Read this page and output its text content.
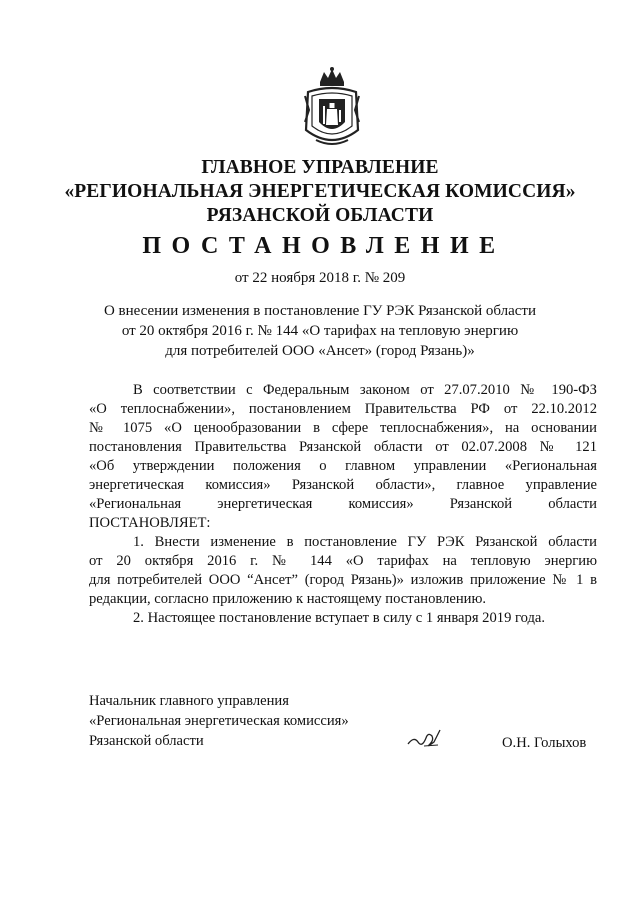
ГЛАВНОЕ УПРАВЛЕНИЕ
«РЕГИОНАЛЬНАЯ ЭНЕРГЕТИЧЕСКАЯ КОМИССИЯ»
РЯЗАНСКОЙ ОБЛАСТИ
ПОСТАНОВЛЕНИЕ
от 22 ноября 2018 г. № 209
О внесении изменения в постановление ГУ РЭК Рязанской области
от 20 октября 2016 г. № 144 «О тарифах на тепловую энергию
для потребителей ООО «Ансет» (город Рязань)»
В соответствии с Федеральным законом от 27.07.2010 № 190-ФЗ
«О теплоснабжении», постановлением Правительства РФ от 22.10.2012
№ 1075 «О ценообразовании в сфере теплоснабжения», на основании
постановления Правительства Рязанской области от 02.07.2008 № 121
«Об утверждении положения о главном управлении «Региональная
энергетическая комиссия» Рязанской области», главное управление
«Региональная энергетическая комиссия» Рязанской области
ПОСТАНОВЛЯЕТ:
1. Внести изменение в постановление ГУ РЭК Рязанской области
от 20 октября 2016 г. № 144 «О тарифах на тепловую энергию
для потребителей ООО “Ансет” (город Рязань)» изложив приложение № 1 в
редакции, согласно приложению к настоящему постановлению.
2. Настоящее постановление вступает в силу с 1 января 2019 года.
Начальник главного управления
«Региональная энергетическая комиссия»
Рязанской области	О.Н. Голыхов
